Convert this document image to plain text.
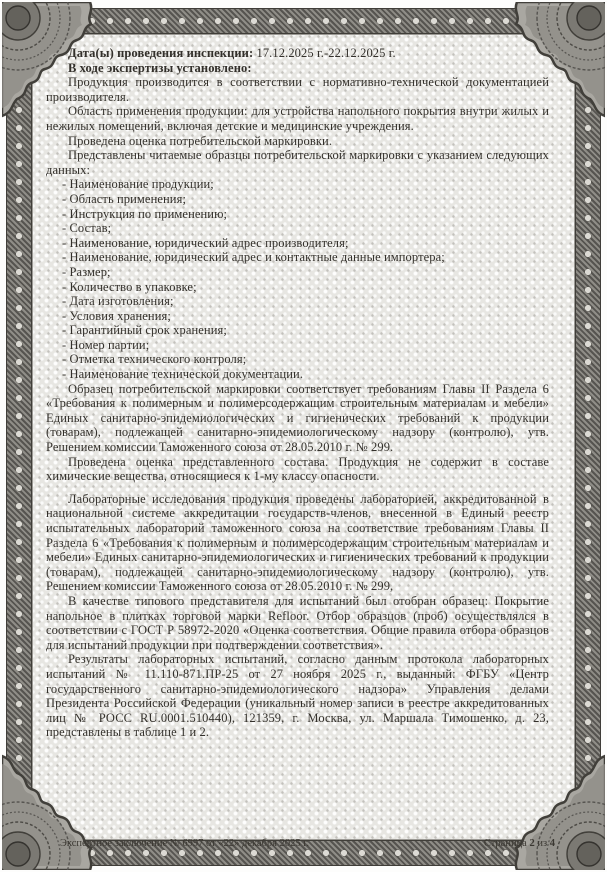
Дата(ы) проведения инспекции: 17.12.2025 г.-22.12.2025 г.

В ходе экспертизы установлено:

Продукция производится в соответствии с нормативно-технической документацией производителя.

Область применения продукции: для устройства напольного покрытия внутри жилых и нежилых помещений, включая детские и медицинские учреждения.

Проведена оценка потребительской маркировки.

Представлены читаемые образцы потребительской маркировки с указанием следующих данных:

- Наименование продукции;
- Область применения;
- Инструкция по применению;
- Состав;
- Наименование, юридический адрес производителя;
- Наименование, юридический адрес и контактные данные импортера;
- Размер;
- Количество в упаковке;
- Дата изготовления;
- Условия хранения;
- Гарантийный срок хранения;
- Номер партии;
- Отметка технического контроля;
- Наименование технической документации.

Образец потребительской маркировки соответствует требованиям Главы II Раздела 6 «Требования к полимерным и полимерсодержащим строительным материалам и мебели» Единых санитарно-эпидемиологических и гигиенических требований к продукции (товарам), подлежащей санитарно-эпидемиологическому надзору (контролю), утв. Решением комиссии Таможенного союза от 28.05.2010 г. № 299.

Проведена оценка представленного состава. Продукция не содержит в составе химические вещества, относящиеся к 1-му классу опасности.

Лабораторные исследования продукция проведены лабораторией, аккредитованной в национальной системе аккредитации государств-членов, внесенной в Единый реестр испытательных лабораторий таможенного союза на соответствие требованиям Главы II Раздела 6 «Требования к полимерным и полимерсодержащим строительным материалам и мебели» Единых санитарно-эпидемиологических и гигиенических требований к продукции (товарам), подлежащей санитарно-эпидемиологическому надзору (контролю), утв. Решением комиссии Таможенного союза от 28.05.2010 г. № 299,

В качестве типового представителя для испытаний был отобран образец: Покрытие напольное в плитках торговой марки Refloor. Отбор образцов (проб) осуществлялся в соответствии с ГОСТ Р 58972-2020 «Оценка соответствия. Общие правила отбора образцов для испытаний продукции при подтверждении соответствия».

Результаты лабораторных испытаний, согласно данным протокола лабораторных испытаний № 11.110-871.ПР-25 от 27 ноября 2025 г., выданный: ФГБУ «Центр государственного санитарно-эпидемиологического надзора» Управления делами Президента Российской Федерации (уникальный номер записи в реестре аккредитованных лиц № РОСС RU.0001.510440), 121359, г. Москва, ул. Маршала Тимошенко, д. 23, представлены в таблице 1 и 2.

Экспертное заключение № 6997 от «22» декабря 2025 г.	Страница 2 из 4
